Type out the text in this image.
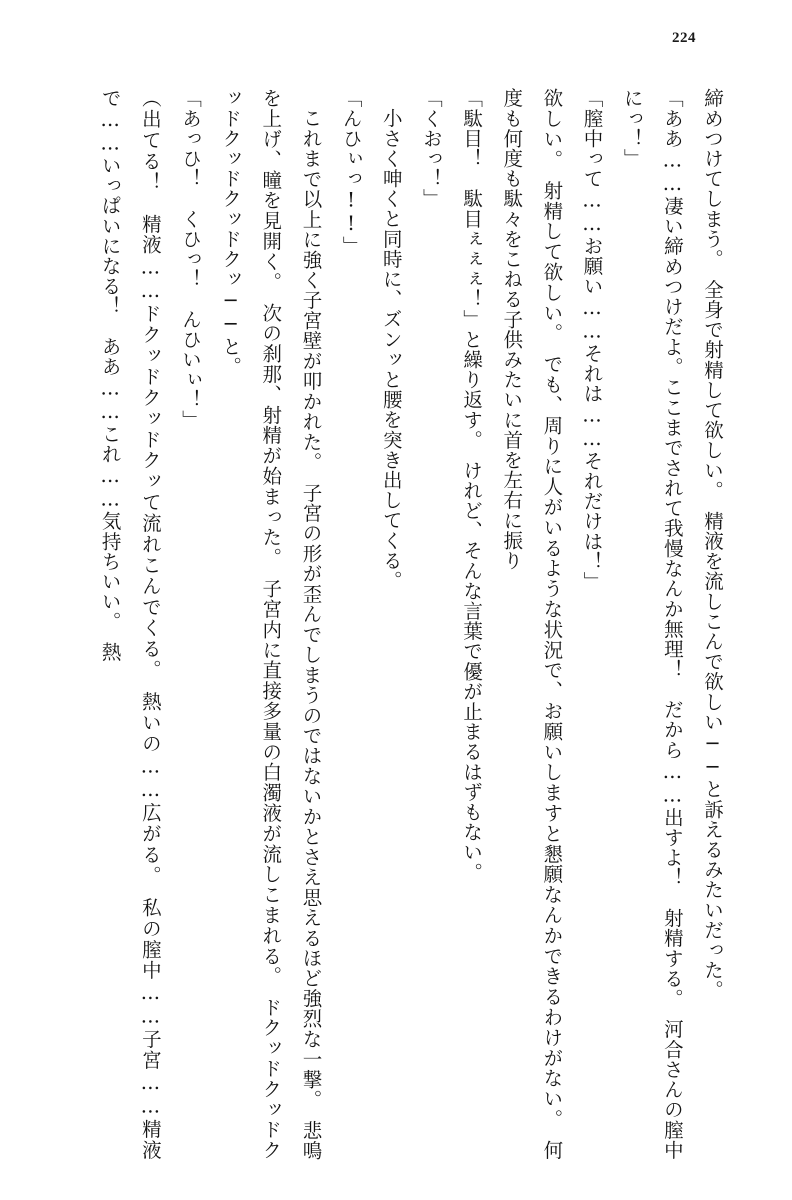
224

締めつけてしまう。　全身で射精して欲しい。　精液を流しこんで欲しい──と訴えるみたいだった。

「ああ……凄い締めつけだよ。ここまでされて我慢なんか無理！　だから……出すよ！　射精する。　河合さんの膣中にっ！」

「膣中って……お願い……それは……それだけは！」

欲しい。　射精して欲しい。　でも、周りに人がいるような状況で、お願いしますと懇願なんかできるわけがない。　何度も何度も駄々をこねる子供みたいに首を左右に振り

「駄目！　駄目ぇぇぇ！」と繰り返す。　けれど、そんな言葉で優が止まるはずもない。

「くおっ！」

小さく呻くと同時に、ズンッと腰を突き出してくる。

「んひぃっ!!」

これまで以上に強く子宮壁が叩かれた。　子宮の形が歪んでしまうのではないかとさえ思えるほど強烈な一撃。　悲鳴を上げ、瞳を見開く。　次の刹那、射精が始まった。　子宮内に直接多量の白濁液が流しこまれる。　ドクッドクッドクッドクッドクッドクッ──と。

「あっひ！　くひっ！　んひいぃ！」

（出てる！　精液……ドクッドクッドクッて流れこんでくる。　熱いの……広がる。　私の膣中……子宮……精液で……いっぱいになる！　ああ……これ……気持ちいい。　熱
